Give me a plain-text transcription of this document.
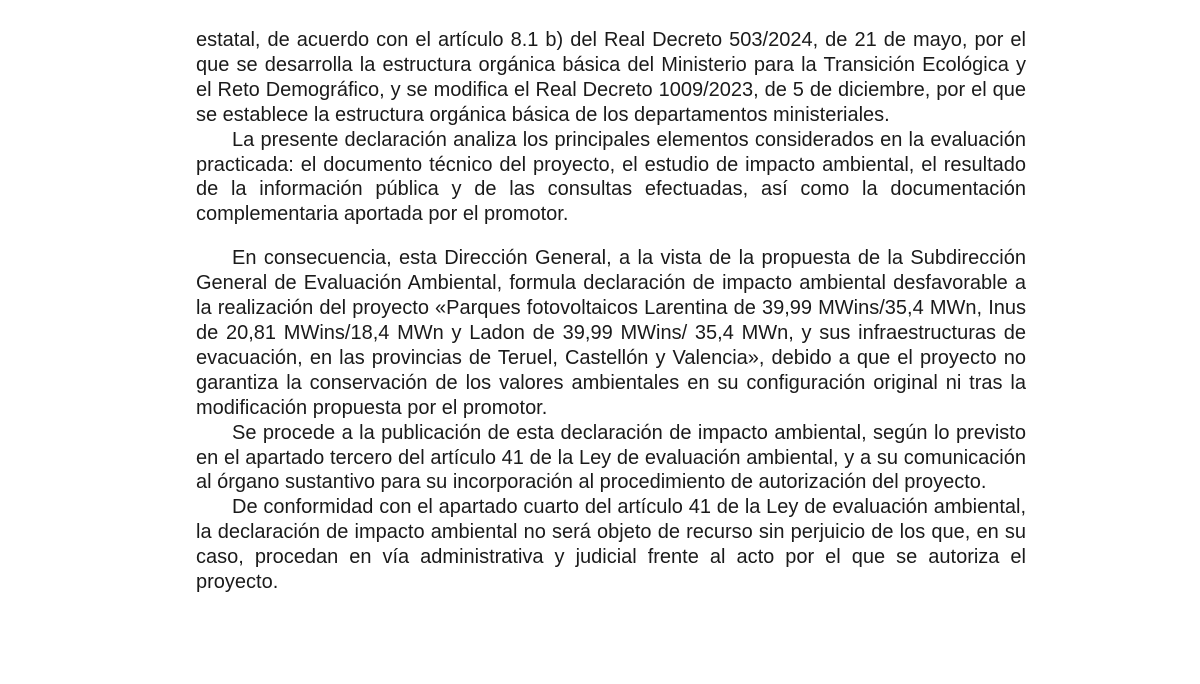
estatal, de acuerdo con el artículo 8.1 b) del Real Decreto 503/2024, de 21 de mayo, por el que se desarrolla la estructura orgánica básica del Ministerio para la Transición Ecológica y el Reto Demográfico, y se modifica el Real Decreto 1009/2023, de 5 de diciembre, por el que se establece la estructura orgánica básica de los departamentos ministeriales.

La presente declaración analiza los principales elementos considerados en la evaluación practicada: el documento técnico del proyecto, el estudio de impacto ambiental, el resultado de la información pública y de las consultas efectuadas, así como la documentación complementaria aportada por el promotor.

En consecuencia, esta Dirección General, a la vista de la propuesta de la Subdirección General de Evaluación Ambiental, formula declaración de impacto ambiental desfavorable a la realización del proyecto «Parques fotovoltaicos Larentina de 39,99 MWins/35,4 MWn, Inus de 20,81 MWins/18,4 MWn y Ladon de 39,99 MWins/ 35,4 MWn, y sus infraestructuras de evacuación, en las provincias de Teruel, Castellón y Valencia», debido a que el proyecto no garantiza la conservación de los valores ambientales en su configuración original ni tras la modificación propuesta por el promotor.

Se procede a la publicación de esta declaración de impacto ambiental, según lo previsto en el apartado tercero del artículo 41 de la Ley de evaluación ambiental, y a su comunicación al órgano sustantivo para su incorporación al procedimiento de autorización del proyecto.

De conformidad con el apartado cuarto del artículo 41 de la Ley de evaluación ambiental, la declaración de impacto ambiental no será objeto de recurso sin perjuicio de los que, en su caso, procedan en vía administrativa y judicial frente al acto por el que se autoriza el proyecto.
